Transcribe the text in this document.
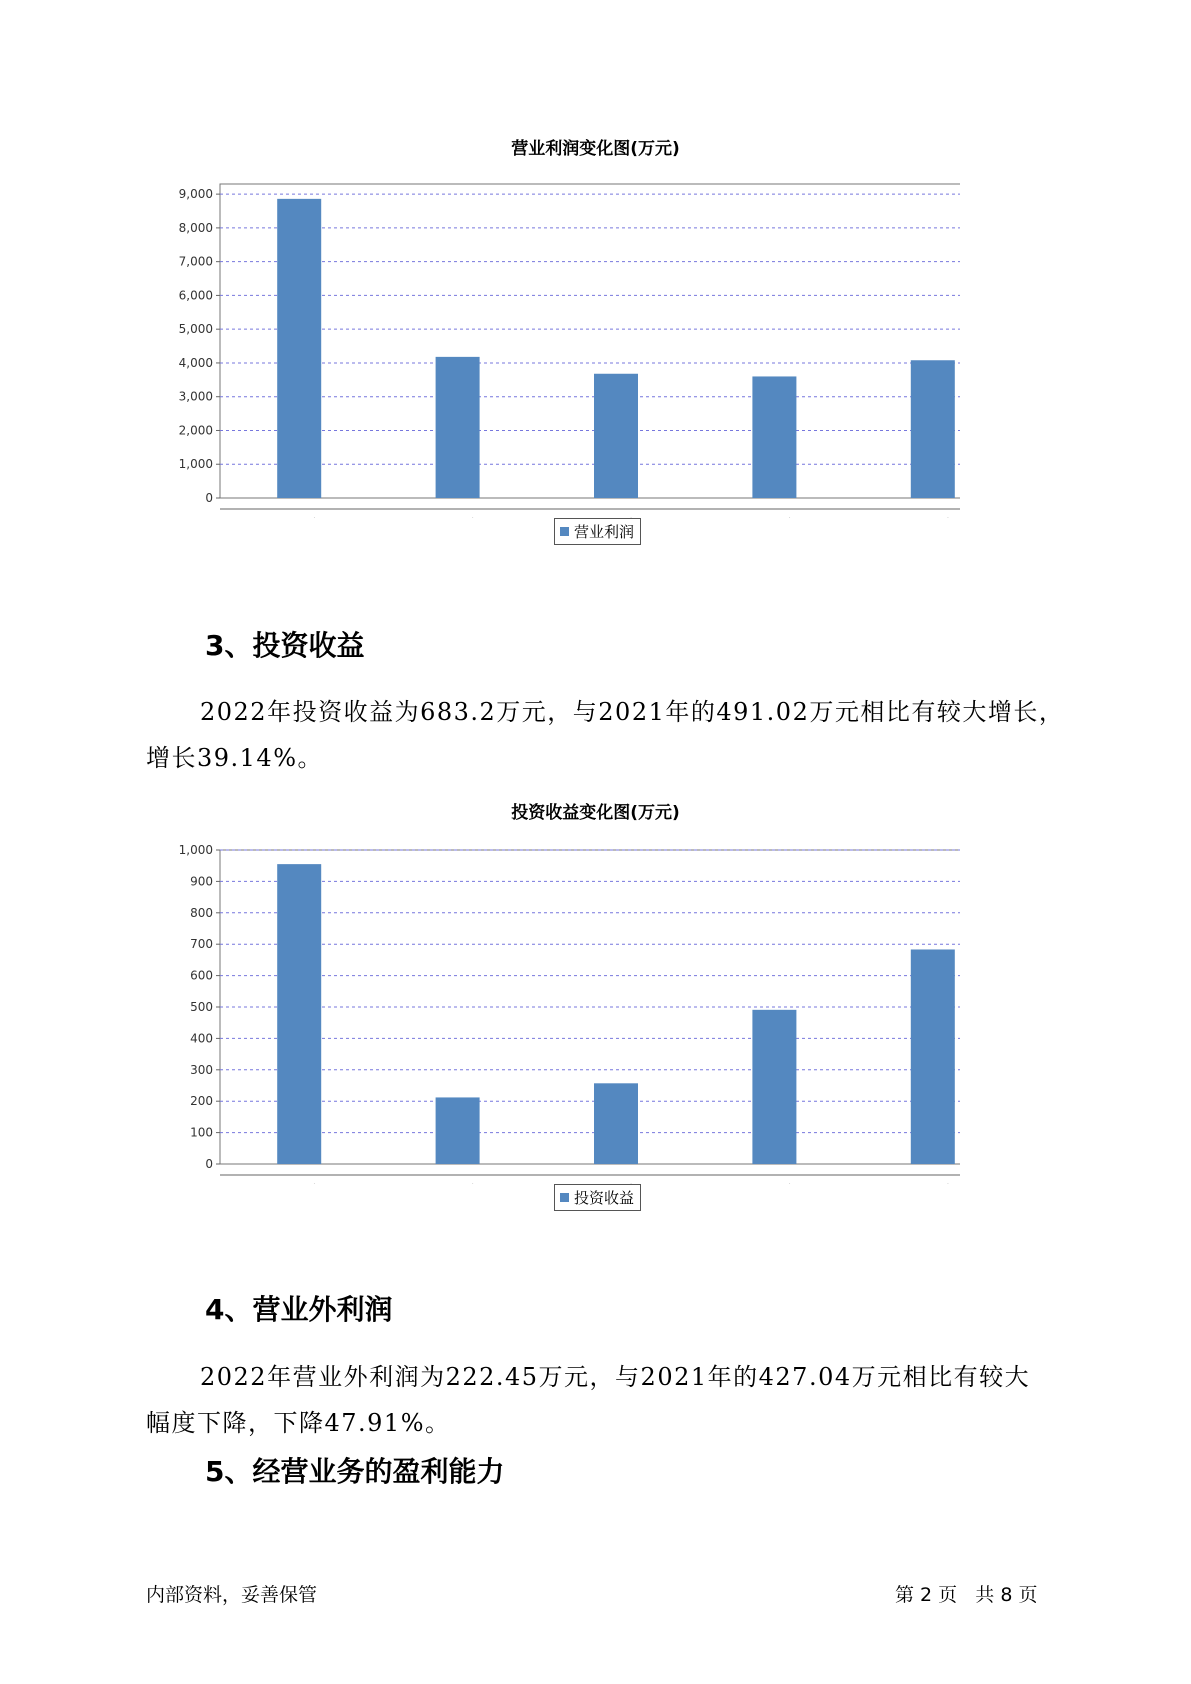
营业利润变化图(万元)
0
1,000
2,000
3,000
4,000
5,000
6,000
7,000
8,000
9,000
营业利润
3、投资收益
2022年投资收益为683.2万元，与2021年的491.02万元相比有较大增长，
增长39.14%。
投资收益变化图(万元)
0
100
200
300
400
500
600
700
800
900
1,000
投资收益
4、营业外利润
2022年营业外利润为222.45万元，与2021年的427.04万元相比有较大
幅度下降，下降47.91%。
5、经营业务的盈利能力
内部资料，妥善保管	第 2 页   共 8 页
